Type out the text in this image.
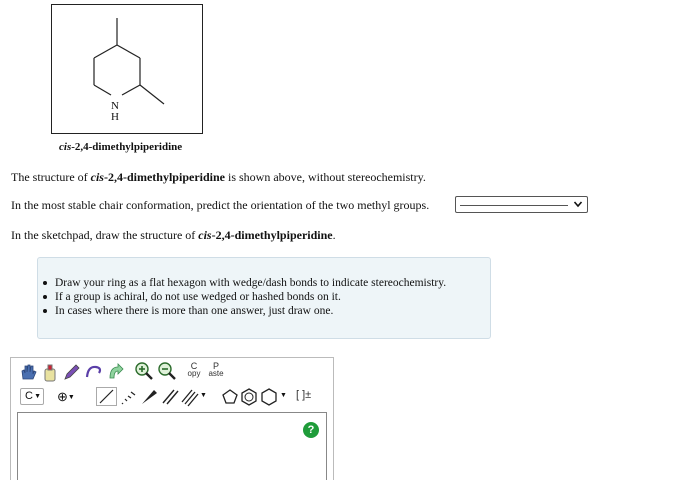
N
H
cis-2,4-dimethylpiperidine
The structure of cis-2,4-dimethylpiperidine is shown above, without stereochemistry.
In the most stable chair conformation, predict the orientation of the two methyl groups.
In the sketchpad, draw the structure of cis-2,4-dimethylpiperidine.
Draw your ring as a flat hexagon with wedge/dash bonds to indicate stereochemistry.
If a group is achiral, do not use wedged or hashed bonds on it.
In cases where there is more than one answer, just draw one.
C
opy
P
aste
C ▼ ⊕▼	▼	▼ [ ]±
?
